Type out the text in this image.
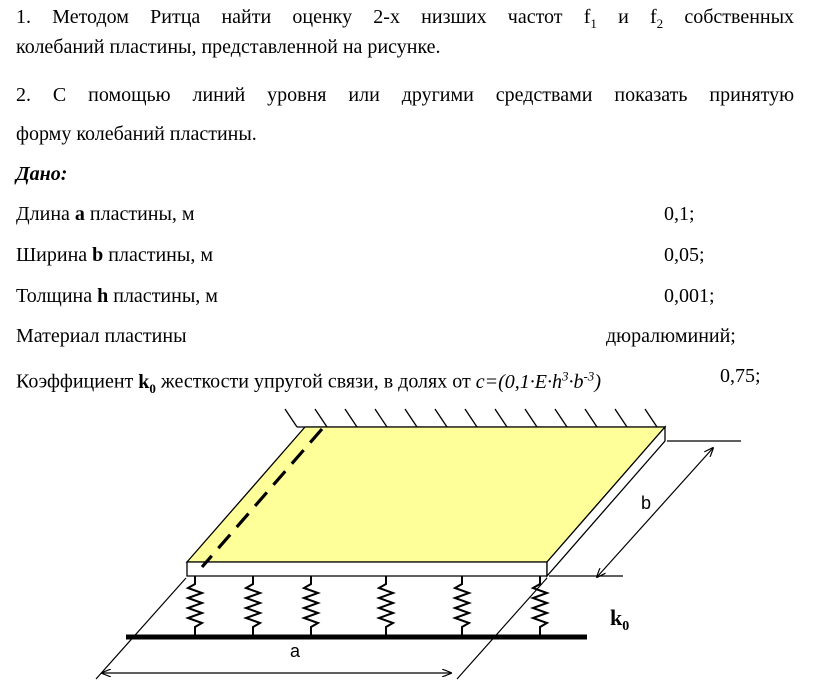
1. Методом Ритца найти оценку 2-х низших частот $f_1$ и $f_2$ собственных
колебаний пластины, представленной на рисунке.
2. С помощью линий уровня или другими средствами показать принятую
форму колебаний пластины.
Дано:
Длина a пластины, м	0,1;
Ширина b пластины, м	0,05;
Толщина h пластины, м	0,001;
Материал пластины	дюралюминий;
Коэффициент $k_0$ жесткости упругой связи, в долях от $c=(0,1\cdot E\cdot h^3\cdot b^{-3})$	0,75;
a
b
$k_0$
